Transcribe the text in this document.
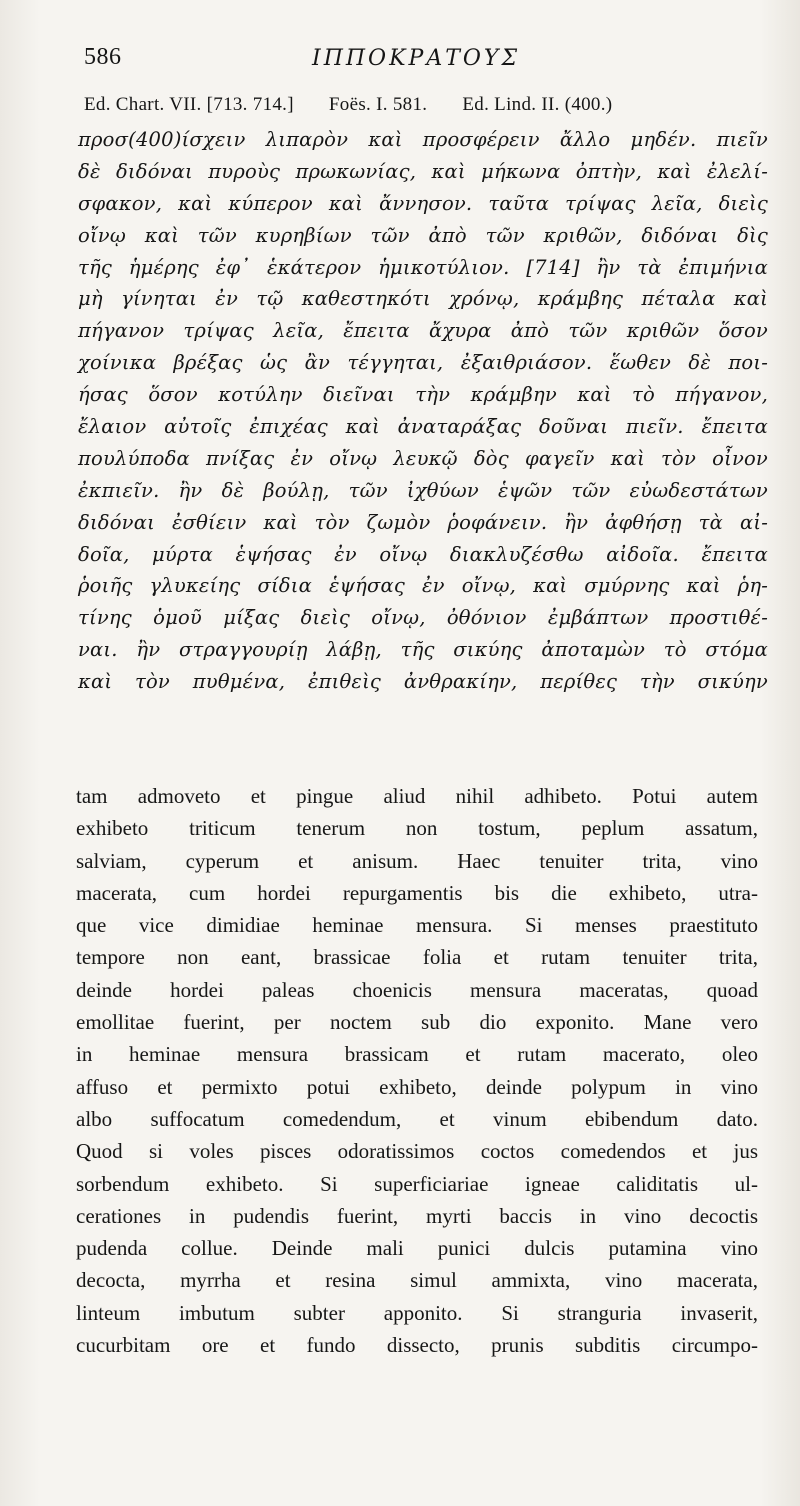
586	ΙΠΠΟΚΡΑΤΟΥΣ
Ed. Chart. VII. [713. 714.] Foës. I. 581. Ed. Lind. II. (400.)
προσ(400)ίσχειν λιπαρὸν καὶ προσφέρειν ἄλλο μηδέν. πιεῖν
δὲ διδόναι πυροὺς πρωκωνίας, καὶ μήκωνα ὀπτὴν, καὶ ἐλελί-
σφακον, καὶ κύπερον καὶ ἄννησον. ταῦτα τρίψας λεῖα, διεὶς
οἴνῳ καὶ τῶν κυρηβίων τῶν ἀπὸ τῶν κριθῶν, διδόναι δὶς
τῆς ἡμέρης ἐφ᾽ ἑκάτερον ἡμικοτύλιον. [714] ἢν τὰ ἐπιμήνια
μὴ γίνηται ἐν τῷ καθεστηκότι χρόνῳ, κράμβης πέταλα καὶ
πήγανον τρίψας λεῖα, ἔπειτα ἄχυρα ἀπὸ τῶν κριθῶν ὅσον
χοίνικα βρέξας ὡς ἂν τέγγηται, ἐξαιθριάσον. ἕωθεν δὲ ποι-
ήσας ὅσον κοτύλην διεῖναι τὴν κράμβην καὶ τὸ πήγανον,
ἔλαιον αὐτοῖς ἐπιχέας καὶ ἀναταράξας δοῦναι πιεῖν. ἔπειτα
πουλύποδα πνίξας ἐν οἴνῳ λευκῷ δὸς φαγεῖν καὶ τὸν οἶνον
ἐκπιεῖν. ἢν δὲ βούλῃ, τῶν ἰχθύων ἑψῶν τῶν εὐωδεστάτων
διδόναι ἐσθίειν καὶ τὸν ζωμὸν ῥοφάνειν. ἢν ἀφθήσῃ τὰ αἰ-
δοῖα, μύρτα ἑψήσας ἐν οἴνῳ διακλυζέσθω αἰδοῖα. ἔπειτα
ῥοιῆς γλυκείης σίδια ἑψήσας ἐν οἴνῳ, καὶ σμύρνης καὶ ῥη-
τίνης ὁμοῦ μίξας διεὶς οἴνῳ, ὀθόνιον ἐμβάπτων προστιθέ-
ναι. ἢν στραγγουρίῃ λάβῃ, τῆς σικύης ἀποταμὼν τὸ στόμα
καὶ τὸν πυθμένα, ἐπιθεὶς ἀνθρακίην, περίθες τὴν σικύην
tam admoveto et pingue aliud nihil adhibeto. Potui autem
exhibeto triticum tenerum non tostum, peplum assatum,
salviam, cyperum et anisum. Haec tenuiter trita, vino
macerata, cum hordei repurgamentis bis die exhibeto, utra-
que vice dimidiae heminae mensura. Si menses praestituto
tempore non eant, brassicae folia et rutam tenuiter trita,
deinde hordei paleas choenicis mensura maceratas, quoad
emollitae fuerint, per noctem sub dio exponito. Mane vero
in heminae mensura brassicam et rutam macerato, oleo
affuso et permixto potui exhibeto, deinde polypum in vino
albo suffocatum comedendum, et vinum ebibendum dato.
Quod si voles pisces odoratissimos coctos comedendos et jus
sorbendum exhibeto. Si superficiariae igneae caliditatis ul-
cerationes in pudendis fuerint, myrti baccis in vino decoctis
pudenda collue. Deinde mali punici dulcis putamina vino
decocta, myrrha et resina simul ammixta, vino macerata,
linteum imbutum subter apponito. Si stranguria invaserit,
cucurbitam ore et fundo dissecto, prunis subditis circumpo-
